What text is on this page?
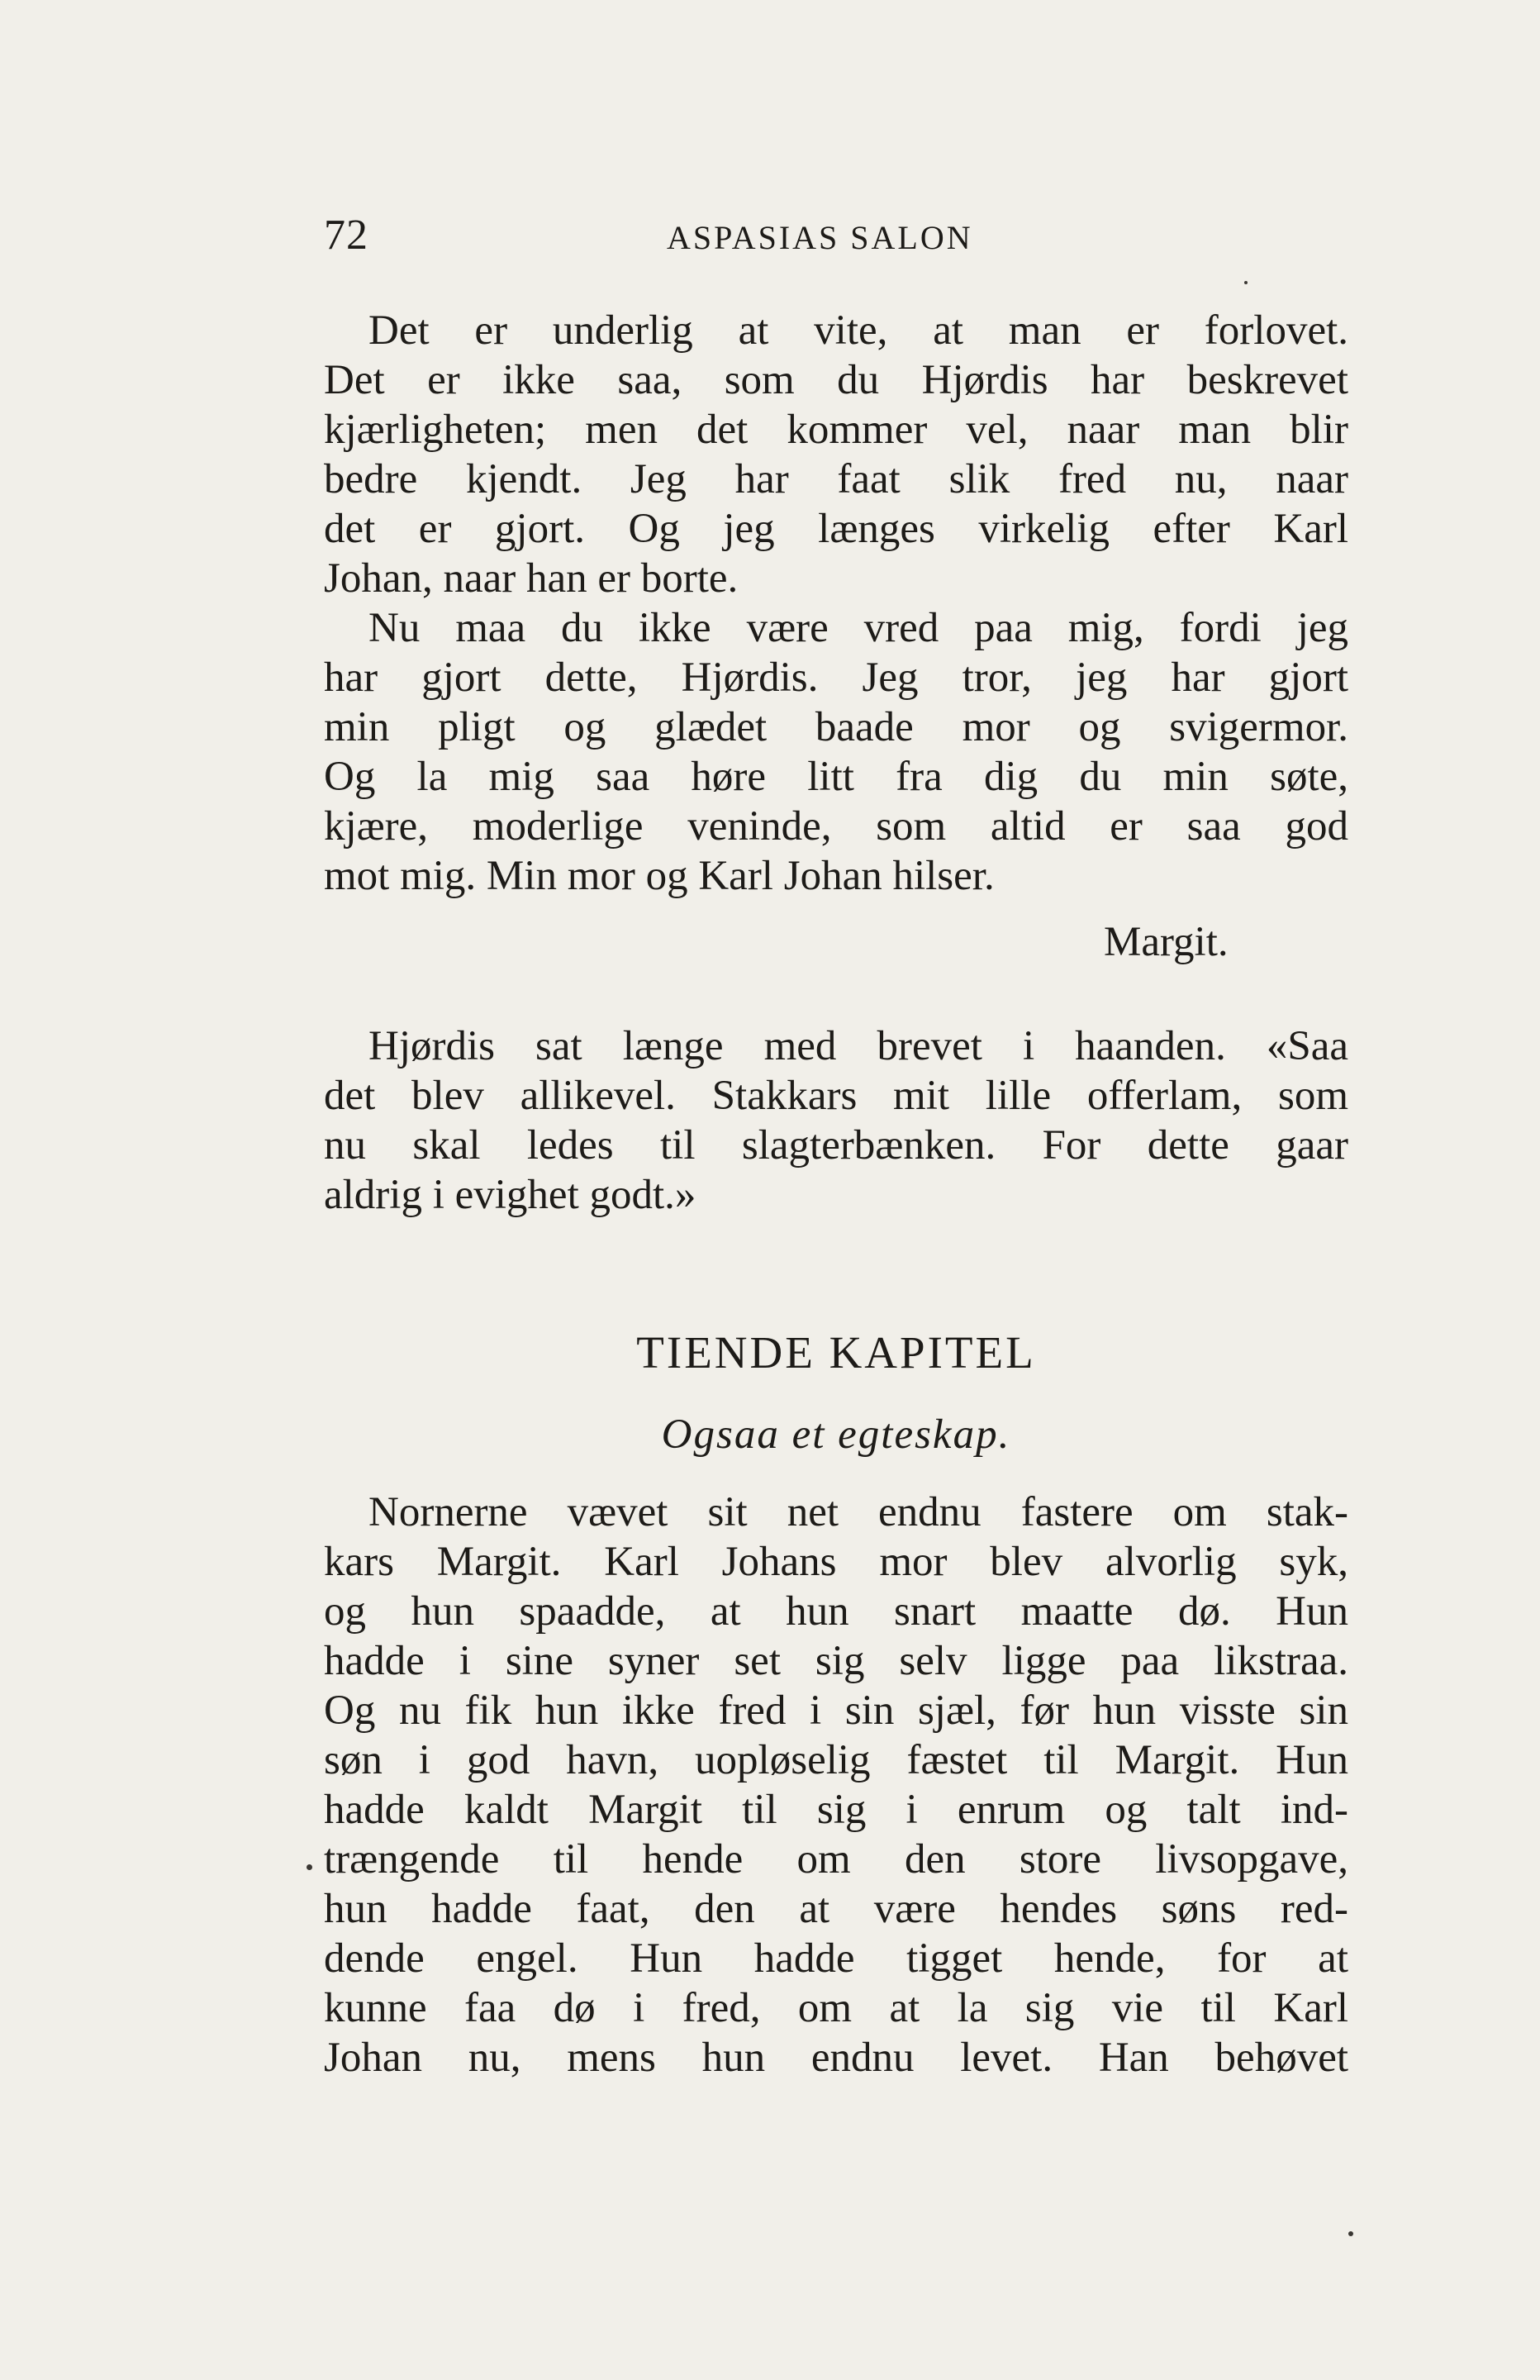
72	ASPASIAS SALON
Det er underlig at vite, at man er forlovet.
Det er ikke saa, som du Hjørdis har beskrevet
kjærligheten; men det kommer vel, naar man blir
bedre kjendt. Jeg har faat slik fred nu, naar
det er gjort. Og jeg længes virkelig efter Karl
Johan, naar han er borte.
Nu maa du ikke være vred paa mig, fordi jeg
har gjort dette, Hjørdis. Jeg tror, jeg har gjort
min pligt og glædet baade mor og svigermor.
Og la mig saa høre litt fra dig du min søte,
kjære, moderlige veninde, som altid er saa god
mot mig. Min mor og Karl Johan hilser.
Margit.
Hjørdis sat længe med brevet i haanden. «Saa
det blev allikevel. Stakkars mit lille offerlam, som
nu skal ledes til slagterbænken. For dette gaar
aldrig i evighet godt.»
TIENDE KAPITEL
Ogsaa et egteskap.
Nornerne vævet sit net endnu fastere om stak-
kars Margit. Karl Johans mor blev alvorlig syk,
og hun spaadde, at hun snart maatte dø. Hun
hadde i sine syner set sig selv ligge paa likstraa.
Og nu fik hun ikke fred i sin sjæl, før hun visste sin
søn i god havn, uopløselig fæstet til Margit. Hun
hadde kaldt Margit til sig i enrum og talt ind-
trængende til hende om den store livsopgave,
hun hadde faat, den at være hendes søns red-
dende engel. Hun hadde tigget hende, for at
kunne faa dø i fred, om at la sig vie til Karl
Johan nu, mens hun endnu levet. Han behøvet
